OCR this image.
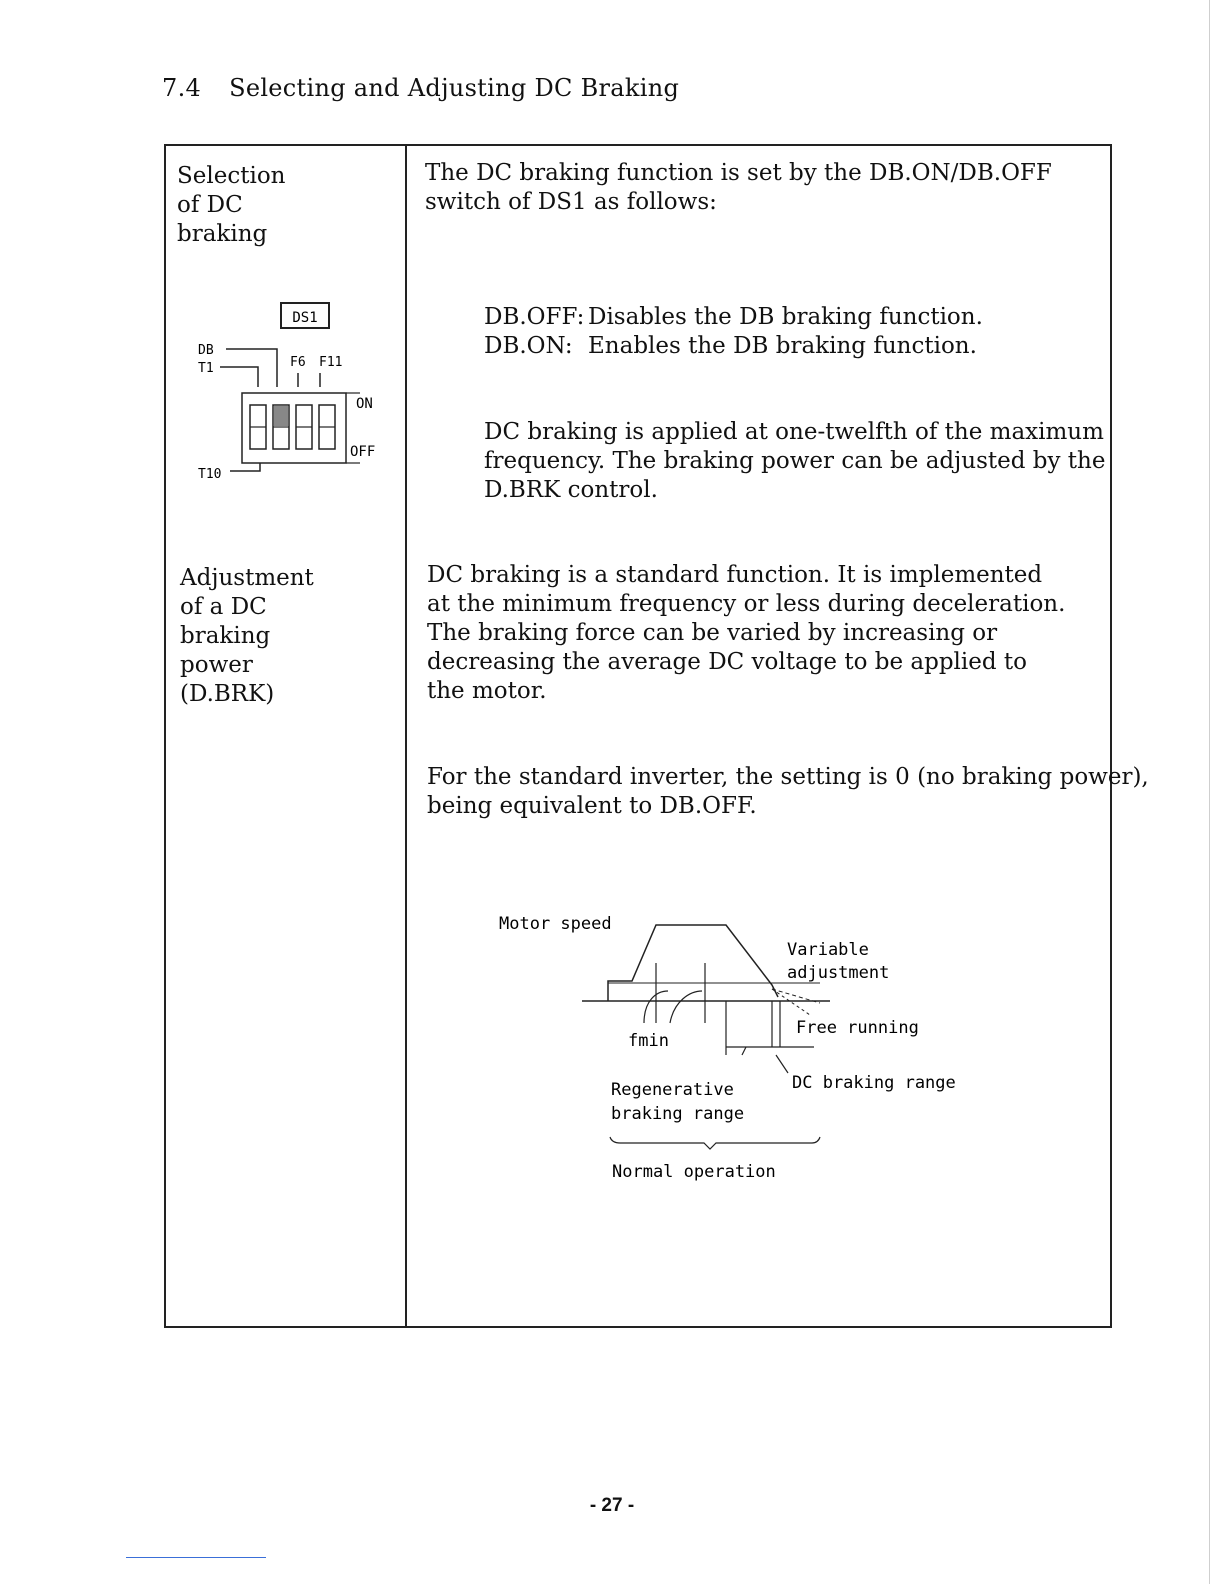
7.4 Selecting and Adjusting DC Braking
Selection
of DC
braking
DS1
DB
T1	F6 F11
T10
ON
OFF
The DC braking function is set by the DB.ON/DB.OFF
switch of DS1 as follows:
DB.OFF: Disables the DB braking function.
DB.ON: Enables the DB braking function.
DC braking is applied at one-twelfth of the maximum
frequency. The braking power can be adjusted by the
D.BRK control.
Adjustment
of a DC
braking
power
(D.BRK)
DC braking is a standard function. It is implemented
at the minimum frequency or less during deceleration.
The braking force can be varied by increasing or
decreasing the average DC voltage to be applied to
the motor.
For the standard inverter, the setting is 0 (no braking power),
being equivalent to DB.OFF.
Motor speed
Variable
adjustment
Free running
fmin
DC braking range
Regenerative
braking range
Normal operation
- 27 -
